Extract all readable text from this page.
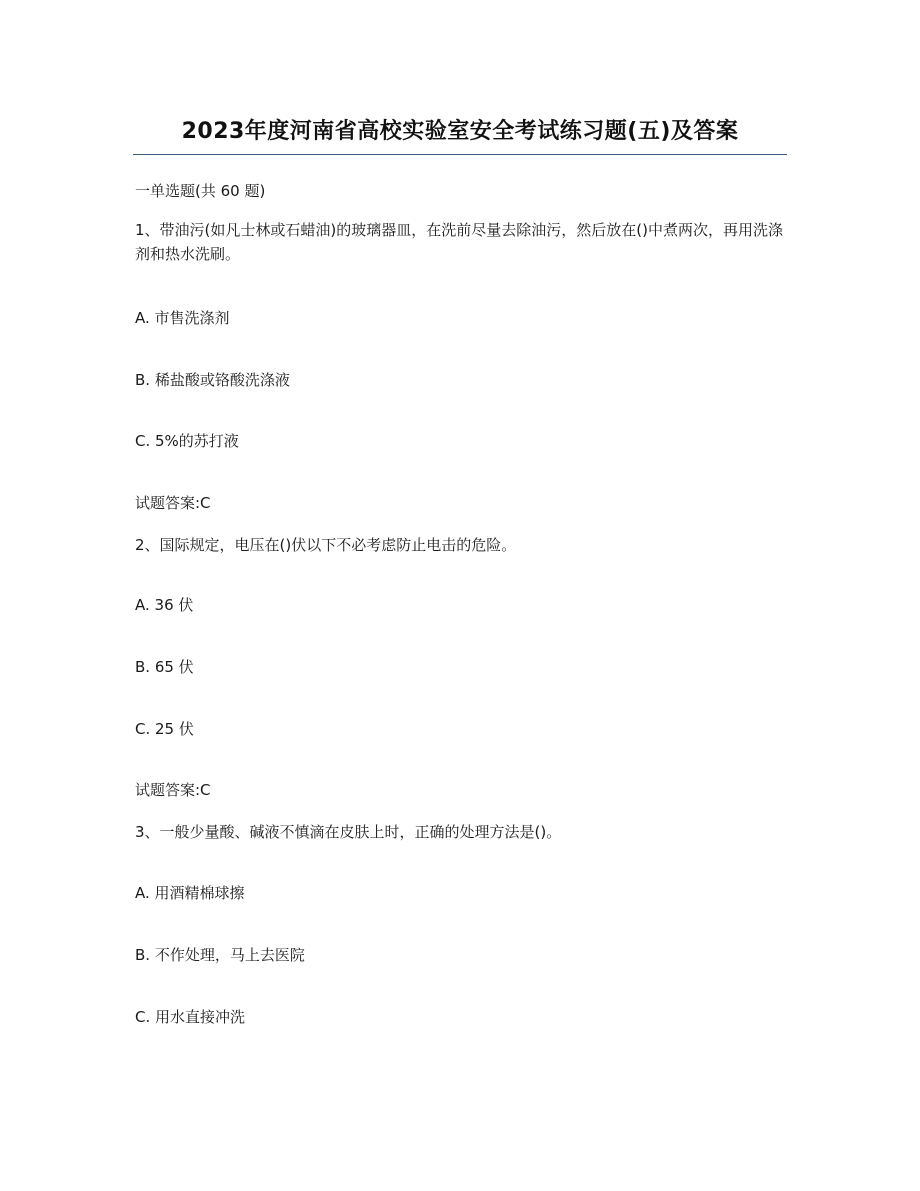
2023年度河南省高校实验室安全考试练习题(五)及答案
一单选题(共 60 题)
1、带油污(如凡士林或石蜡油)的玻璃器皿，在洗前尽量去除油污，然后放在()中煮两次，再用洗涤剂和热水洗刷。
A. 市售洗涤剂
B. 稀盐酸或铬酸洗涤液
C. 5%的苏打液
试题答案:C
2、国际规定，电压在()伏以下不必考虑防止电击的危险。
A. 36 伏
B. 65 伏
C. 25 伏
试题答案:C
3、一般少量酸、碱液不慎滴在皮肤上时，正确的处理方法是()。
A. 用酒精棉球擦
B. 不作处理，马上去医院
C. 用水直接冲洗
